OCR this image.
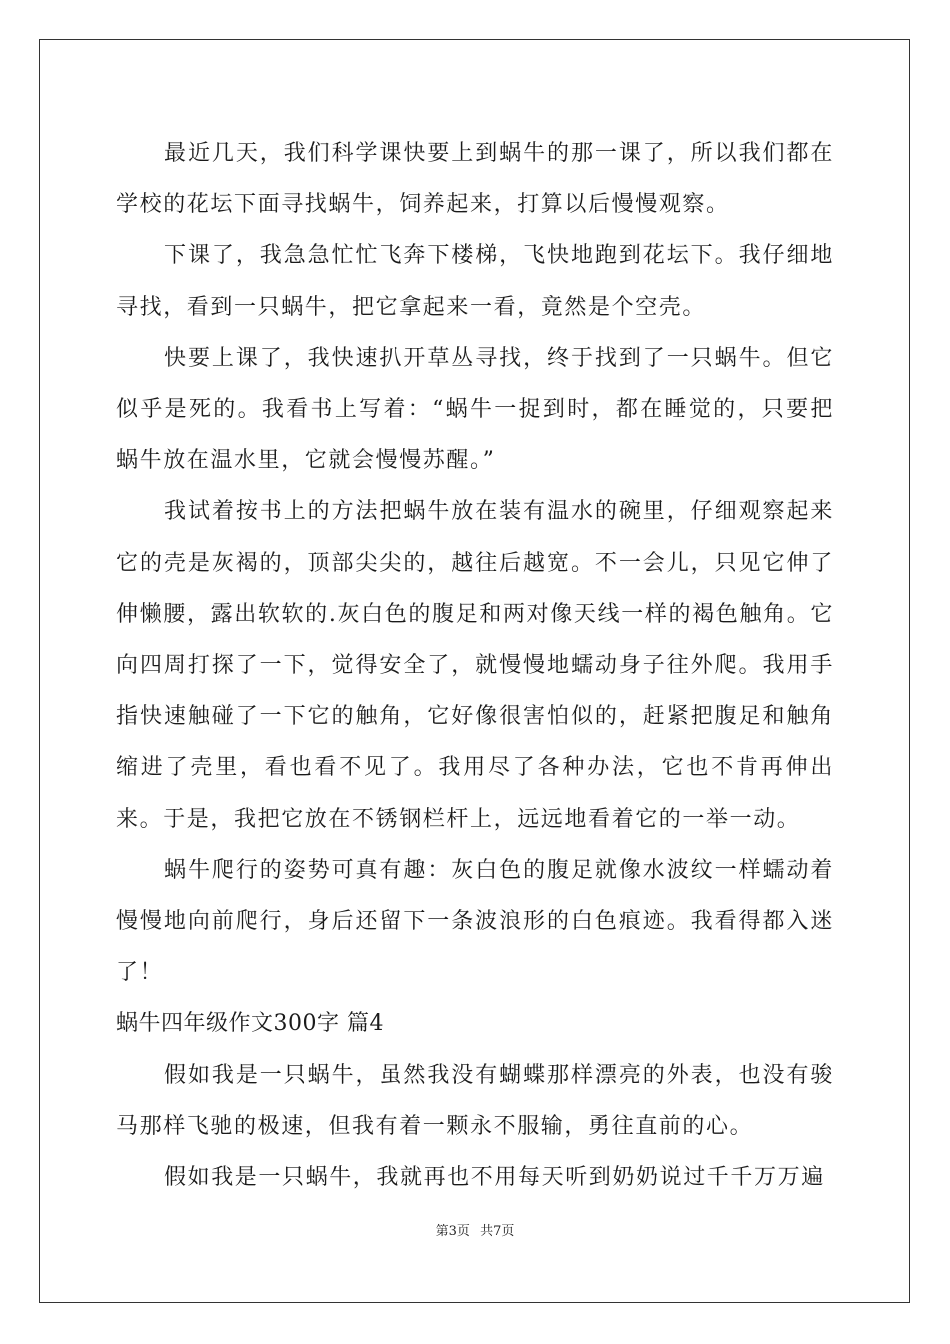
最近几天，我们科学课快要上到蜗牛的那一课了，所以我们都在学校的花坛下面寻找蜗牛，饲养起来，打算以后慢慢观察。

下课了，我急急忙忙飞奔下楼梯，飞快地跑到花坛下。我仔细地寻找，看到一只蜗牛，把它拿起来一看，竟然是个空壳。

快要上课了，我快速扒开草丛寻找，终于找到了一只蜗牛。但它似乎是死的。我看书上写着：“蜗牛一捉到时，都在睡觉的，只要把蜗牛放在温水里，它就会慢慢苏醒。”

我试着按书上的方法把蜗牛放在装有温水的碗里，仔细观察起来它的壳是灰褐的，顶部尖尖的，越往后越宽。不一会儿，只见它伸了伸懒腰，露出软软的.灰白色的腹足和两对像天线一样的褐色触角。它向四周打探了一下，觉得安全了，就慢慢地蠕动身子往外爬。我用手指快速触碰了一下它的触角，它好像很害怕似的，赶紧把腹足和触角缩进了壳里，看也看不见了。我用尽了各种办法，它也不肯再伸出来。于是，我把它放在不锈钢栏杆上，远远地看着它的一举一动。

蜗牛爬行的姿势可真有趣：灰白色的腹足就像水波纹一样蠕动着慢慢地向前爬行，身后还留下一条波浪形的白色痕迹。我看得都入迷了！

蜗牛四年级作文300字 篇4

假如我是一只蜗牛，虽然我没有蝴蝶那样漂亮的外表，也没有骏马那样飞驰的极速，但我有着一颗永不服输，勇往直前的心。

假如我是一只蜗牛，我就再也不用每天听到奶奶说过千千万万遍

第3页 共7页
